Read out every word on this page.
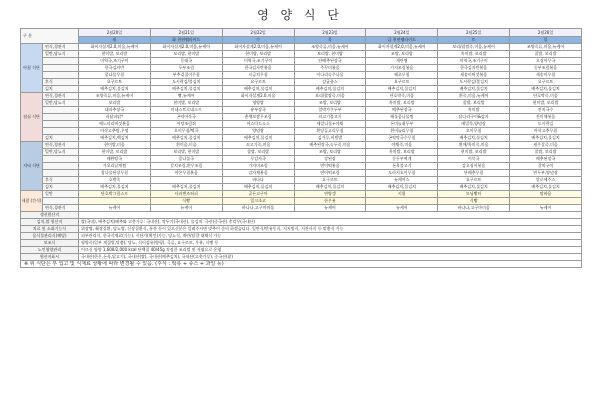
영 양 식 단
구 분		2월20일	2월21일	2월22일	2월23일	2월24일	2월25일	2월26일
		월	화 천연펩타이드	수	목	금 천연펩타이드	토	일
아침 식단	연식,경관식	화이자설계2.0,미음,뉴케어	화이자설계2.0,미음,뉴케어	화이자설계2.0,미음,뉴케어	조양죽류,미음,뉴케어	화이자설계2.0,미음,뉴케어	보리/찹쌀죽,미음,뉴케어	조양죽류,미음,뉴케어
	일반,당뇨식	현미밥, 보리밥	보리밥, 현미밥	현미밥, 보리밥	보리밥, 현미밥	조밥, 보리밥	흑미밥, 보리밥	찰밥, 보리밥
		미역국,조기구이	동태국	미역국,조기구이	단배추된장국	계란찜	미역국,조기구이	오징어무국
		한국김자반	두부조림	한국김자반볶음	주꾸미볶음	가지조림볶음	한국김자반볶음	동부조림볶음
		콩나물무침	부추겉절이무침	시금치무침	이나리숙주나물	해초무침	새송이버섯볶음	새송이무침
	후식	요구르트	도시락김/불김치	요구르트	감귤쥬스	요구르트	도시락김/불김치	요구르트
	김치	배추김치,물김치	배추김치,물김치	배추김치,물김치	배추김치,물김치	배추김치,물김치	배추김치,물김치	배추김치,물김치
점심 식단	연식,경관식	조양죽류,미음,뉴케어	빵,뉴케어	화이자설계2.0,미음	보리/찹쌀죽,미음	단호박죽,미음	흰죽,미음,뉴케어	단호박죽,미음
	일반,당뇨식	보리밥	현미밥, 보리밥	영양밥	조밥, 보리밥	흑미밥, 보리밥	찰밥, 보리밥	현미밥, 보리밥
		대파추장국	미네스트로네스프	유부장국	얼박가쿠두부	배추된장국	흑미밥	잔치국수
		파닭파닭*	곤약어묵국	춘채보쌈무조림	쇠고기불고기	해물콩나물찜	닭다리구이&감자	진미채볶음
		에느타리버섯볶음	어탕조림쥐	머스타드소스	새알나물+야채	돈미늘취두부	메밀묵,양념장	도시락김
		아삭고추쌈,우엉	오이무침/떡국	양념쌈	흰당들고리무침	흰비늘리무침	오이무침	아삭고추무침
	김치	배추김치,백김치	배추김치,물김치	배추김치,물김치	김가루,비빔밥	곤약막국수무침	배추김치,물김치	배추김치,물김치
저녁 식단	연식,경관식	현미밥,미음	흰미음,미음	쇠고기죽,미음	배추된장국,녹두죽,미음	야채죽,미음	흰깨/흑미죽,미음	새우살죽,미음
	일반,당뇨식	현미밥, 보리밥	보리밥, 현미밥	찰밥, 보리밥	조밥, 보리밥	흑미밥, 보리밥	현미밥, 보리밥	찰밥, 보리밥
		배완탕국	콩나물국	무감자국	강된장	순두부찌개	어묵국	배추된장국
		가오리날개찜	갈치조림,흰무조림	가자미조림	연어떡볶음	돈육불고기	감오징어볶음	갈치구이
		참나물된장무침	야콘무침볶음	감자채볶음	연어떡조림	도라지오이무침	단배추무침	연두부,양념장
	후식	호박죽		바나나	요구르트	뉴케어스	요구르트	알로에주스
	김치	배추김치,물김치	배추김치,물김치	배추김치,물김치	배추김치,물김치	배추김치,물김치	배추김치,물김치	배추김치,물김치
새참 (간식)	일반	단호박그림스프	사과젠즈허피	골든고구마	연양갱	키위	모닝빵터	딸바음
			식빵	밀크초코	한우유		식빵	
	연식,경관식	뉴케어	뉴케어	바나나,고구마미음	뉴케어	뉴케어	바나나,고구마미음	뉴케어
생선원산지								
김치,쌀 원산지		쌀(국내), 배추김치(배추와 고춧가루: 국내산), 깍두기(국내산), 물김치: 국산(중국산) 총각무(국내산)						
치료 및 소화기능식		위장병, 췌장질환, 당뇨병, 신장질환식, 통풍 등이 있으신분은 알려주시면 맞추어 준비 하겠습니다. 일반식/반유동식, 저지방식, 저잔사식 등 맞춤식 가능						
음식물관리식(해당)		피부관리식, 한국식재료(가능), 식단가(확인)가능, 당뇨식, 계란/달걀 대체식 가능						
보조식		영양죽(일부 계절별,맞춤), 당뇨, 식이섬유(양평), 곡류, 요구르트, 우유, 식빵 등						
노인영양관리		어르신 영양 1,600/2,000 kcal 단백질 40/45g 적정한 조리법 및 저염으로 운영						
원산지표시		국내산(한우,돈육,닭고기), 국내산(쌀), 국내산(배추김치), 국내산(고춧가루), 중국산(팥)						
※ 위 식단은 부 입고 및 식재료 상황에 따라 변경될 수 있음. (후식 : 떡류 + 쥬스 + 과일 등)								
